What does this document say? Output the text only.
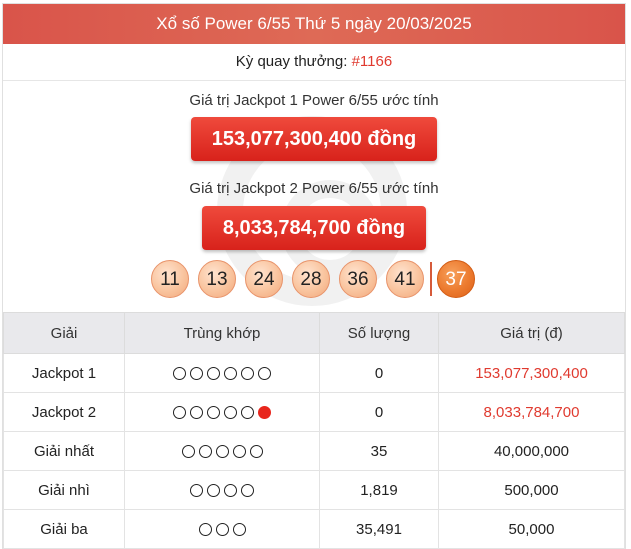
Xổ số Power 6/55 Thứ 5 ngày 20/03/2025
Kỳ quay thưởng: #1166
Giá trị Jackpot 1 Power 6/55 ước tính
153,077,300,400 đồng
Giá trị Jackpot 2 Power 6/55 ước tính
8,033,784,700 đồng
11	13	24	28	36	41	37
Giải	Trùng khớp	Số lượng	Giá trị (đ)
Jackpot 1		0	153,077,300,400
Jackpot 2		0	8,033,784,700
Giải nhất		35	40,000,000
Giải nhì		1,819	500,000
Giải ba		35,491	50,000
